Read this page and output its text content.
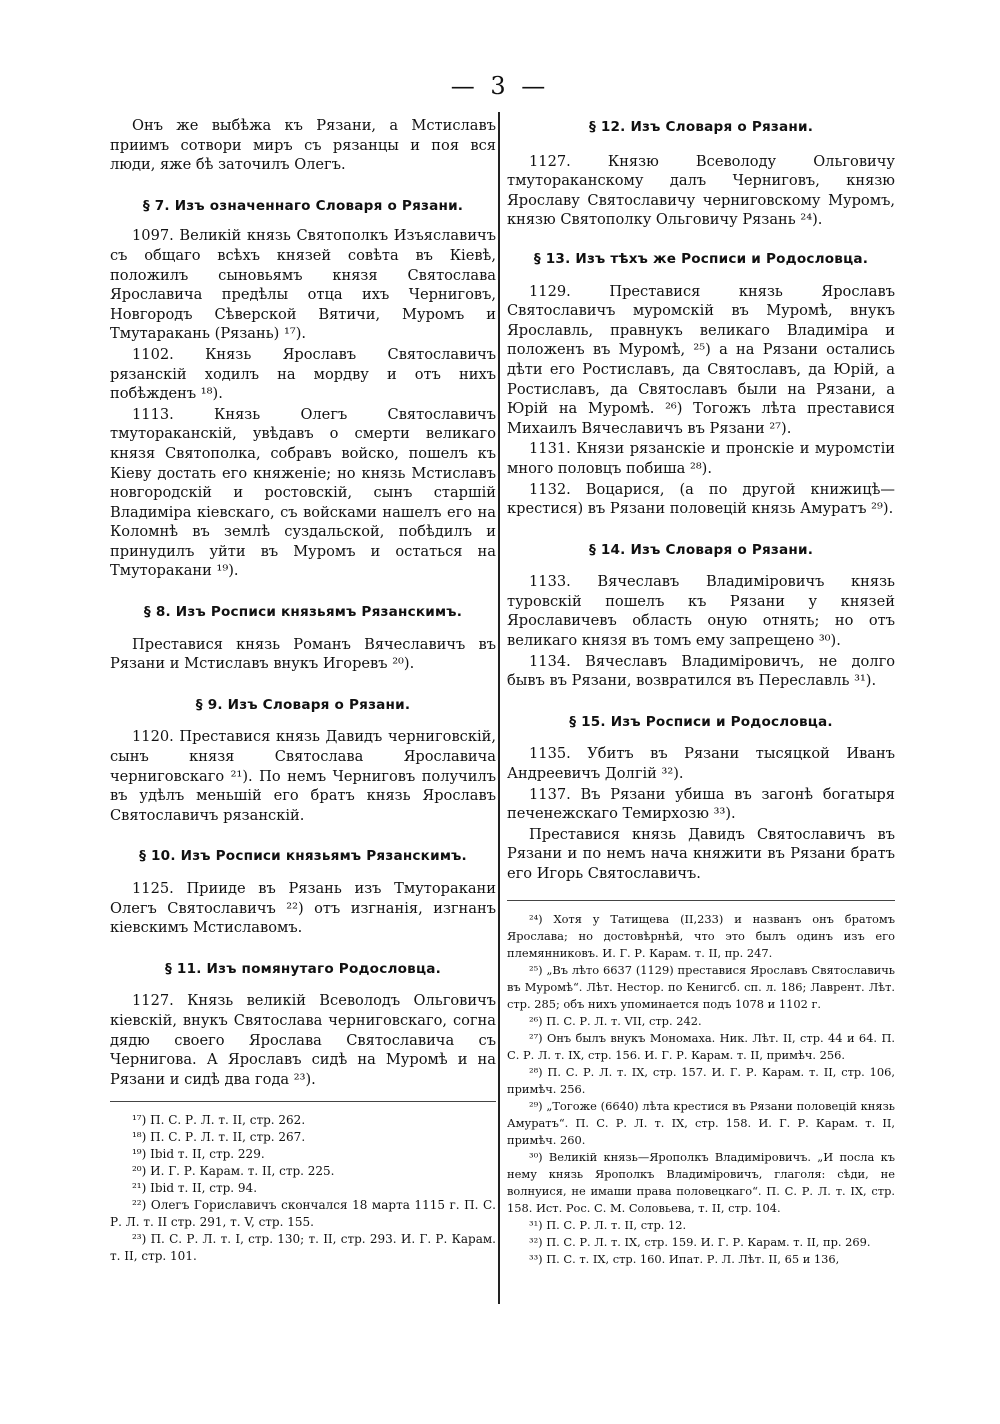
— 3 —

Онъ же выбѣжа къ Рязани, а Мстиславъ приимъ сотвори миръ съ рязанцы и поя вся люди, яже бѣ заточилъ Олегъ.

§ 7. Изъ означеннаго Словаря о Рязани.

1097. Великій князь Святополкъ Изъяславичъ съ общаго всѣхъ князей совѣта въ Кіевѣ, положилъ сыновьямъ князя Святослава Ярославича предѣлы отца ихъ Черниговъ, Новгородъ Сѣверской Вятичи, Муромъ и Тмутаракань (Рязань) ¹⁷).

1102. Князь Ярославъ Святославичъ рязанскій ходилъ на мордву и отъ нихъ побѣжденъ ¹⁸).

1113. Князь Олегъ Святославичъ тмутораканскій, увѣдавъ о смерти великаго князя Святополка, собравъ войско, пошелъ къ Кіеву достать его княженіе; но князь Мстиславъ новгородскій и ростовскій, сынъ старшій Владиміра кіевскаго, съ войсками нашелъ его на Коломнѣ въ землѣ суздальской, побѣдилъ и принудилъ уйти въ Муромъ и остаться на Тмуторакани ¹⁹).

§ 8. Изъ Росписи князьямъ Рязанскимъ.

Преставися князь Романъ Вячеславичъ въ Рязани и Мстиславъ внукъ Игоревъ ²⁰).

§ 9. Изъ Словаря о Рязани.

1120. Преставися князь Давидъ черниговскій, сынъ князя Святослава Ярославича черниговскаго ²¹). По немъ Черниговъ получилъ въ удѣлъ меньшій его братъ князь Ярославъ Святославичъ рязанскій.

§ 10. Изъ Росписи князьямъ Рязанскимъ.

1125. Прииде въ Рязань изъ Тмуторакани Олегъ Святославичъ ²²) отъ изгнанія, изгнанъ кіевскимъ Мстиславомъ.

§ 11. Изъ помянутаго Родословца.

1127. Князь великій Всеволодъ Ольговичъ кіевскій, внукъ Святослава черниговскаго, согна дядю своего Ярослава Святославича съ Чернигова. А Ярославъ сидѣ на Муромѣ и на Рязани и сидѣ два года ²³).

¹⁷) П. С. Р. Л. т. II, стр. 262.

¹⁸) П. С. Р. Л. т. II, стр. 267.

¹⁹) Ibid т. II, стр. 229.

²⁰) И. Г. Р. Карам. т. II, стр. 225.

²¹) Ibid т. II, стр. 94.

²²) Олегъ Гориславичъ скончался 18 марта 1115 г. П. С. Р. Л. т. II стр. 291, т. V, стр. 155.

²³) П. С. Р. Л. т. I, стр. 130; т. II, стр. 293. И. Г. Р. Карам. т. II, стр. 101.

§ 12. Изъ Словаря о Рязани.

1127. Князю Всеволоду Ольговичу тмутораканскому далъ Черниговъ, князю Ярославу Святославичу черниговскому Муромъ, князю Святополку Ольговичу Рязань ²⁴).

§ 13. Изъ тѣхъ же Росписи и Родословца.

1129. Преставися князь Ярославъ Святославичъ муромскій въ Муромѣ, внукъ Ярославль, правнукъ великаго Владиміра и положенъ въ Муромѣ, ²⁵) а на Рязани остались дѣти его Ростиславъ, да Святославъ, да Юрій, а Ростиславъ, да Святославъ были на Рязани, а Юрій на Муромѣ. ²⁶) Тогожъ лѣта преставися Михаилъ Вячеславичъ въ Рязани ²⁷).

1131. Князи рязанскіе и пронскіе и муромстіи много половцъ побиша ²⁸).

1132. Воцарися, (а по другой книжицѣ— крестися) въ Рязани половецій князь Амуратъ ²⁹).

§ 14. Изъ Словаря о Рязани.

1133. Вячеславъ Владиміровичъ князь туровскій пошелъ къ Рязани у князей Ярославичевъ область оную отнять; но отъ великаго князя въ томъ ему запрещено ³⁰).

1134. Вячеславъ Владиміровичъ, не долго бывъ въ Рязани, возвратился въ Переславль ³¹).

§ 15. Изъ Росписи и Родословца.

1135. Убитъ въ Рязани тысяцкой Иванъ Андреевичъ Долгій ³²).

1137. Въ Рязани убиша въ загонѣ богатыря печенежскаго Темирхозю ³³).

Преставися князь Давидъ Святославичъ въ Рязани и по немъ нача княжити въ Рязани братъ его Игорь Святославичъ.

²⁴) Хотя у Татищева (II,233) и названъ онъ братомъ Ярослава; но достовѣрнѣй, что это былъ одинъ изъ его племянниковъ. И. Г. Р. Карам. т. II, пр. 247.

²⁵) „Въ лѣто 6637 (1129) преставися Ярославъ Святославичь въ Муромѣ“. Лѣт. Нестор. по Кенигсб. сп. л. 186; Лаврент. Лѣт. стр. 285; объ нихъ упоминается подъ 1078 и 1102 г.

²⁶) П. С. Р. Л. т. VII, стр. 242.

²⁷) Онъ былъ внукъ Мономаха. Ник. Лѣт. II, стр. 44 и 64. П. С. Р. Л. т. IX, стр. 156. И. Г. Р. Карам. т. II, примѣч. 256.

²⁸) П. С. Р. Л. т. IX, стр. 157. И. Г. Р. Карам. т. II, стр. 106, примѣч. 256.

²⁹) „Тогоже (6640) лѣта крестися въ Рязани половецій князь Амуратъ“. П. С. Р. Л. т. IX, стр. 158. И. Г. Р. Карам. т. II, примѣч. 260.

³⁰) Великій князь—Ярополкъ Владиміровичъ. „И посла къ нему князь Ярополкъ Владиміровичъ, глаголя: сѣди, не волнуися, не имаши права половецкаго“. П. С. Р. Л. т. IX, стр. 158. Ист. Рос. С. М. Соловьева, т. II, стр. 104.

³¹) П. С. Р. Л. т. II, стр. 12.

³²) П. С. Р. Л. т. IX, стр. 159. И. Г. Р. Карам. т. II, пр. 269.

³³) П. С. т. IX, стр. 160. Ипат. Р. Л. Лѣт. II, 65 и 136,
